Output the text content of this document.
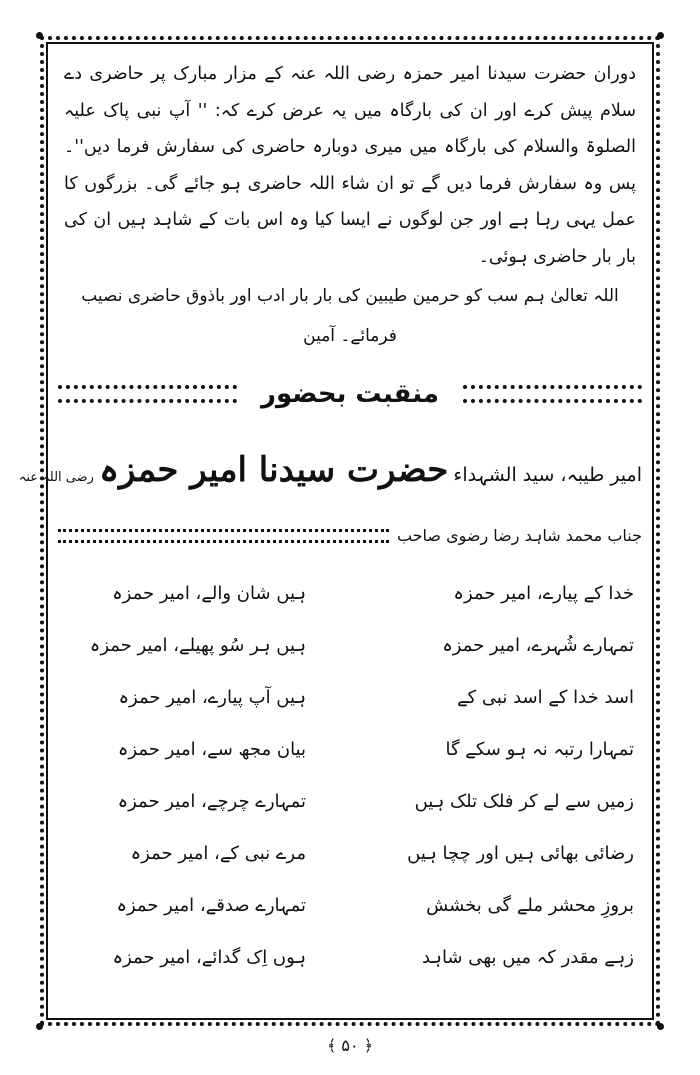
دوران حضرت سیدنا امیر حمزہ رضی اللہ عنہ کے مزار مبارک پر حاضری دے سلام پیش کرے اور ان کی بارگاہ میں یہ عرض کرے کہ: '' آپ نبی پاک علیہ الصلوۃ والسلام کی بارگاہ میں میری دوبارہ حاضری کی سفارش فرما دیں''۔ پس وہ سفارش فرما دیں گے تو ان شاء اللہ حاضری ہو جائے گی۔ بزرگوں کا عمل یہی رہا ہے اور جن لوگوں نے ایسا کیا وہ اس بات کے شاہد ہیں ان کی بار بار حاضری ہوئی۔

اللہ تعالیٰ ہم سب کو حرمین طیبین کی بار بار ادب اور باذوق حاضری نصیب فرمائے۔ آمین

منقبت بحضور
امیر طیبہ، سید الشہداء حضرت سیدنا امیر حمزہ رضی اللہ عنہ
جناب محمد شاہد رضا رضوی صاحب
خدا کے پیارے، امیر حمزہ
ہیں شان والے، امیر حمزہ
تمہارے شُہرے، امیر حمزہ
ہیں ہر سُو پھیلے، امیر حمزہ
اسد خدا کے اسد نبی کے
ہیں آپ پیارے، امیر حمزہ
تمہارا رتبہ نہ ہو سکے گا
بیان مجھ سے، امیر حمزہ
زمیں سے لے کر فلک تلک ہیں
تمہارے چرچے، امیر حمزہ
رضائی بھائی ہیں اور چچا ہیں
مرے نبی کے، امیر حمزہ
بروزِ محشر ملے گی بخشش
تمہارے صدقے، امیر حمزہ
زہے مقدر کہ میں بھی شاہد
ہوں اِک گدائے، امیر حمزہ
﴿ ۵۰ ﴾
